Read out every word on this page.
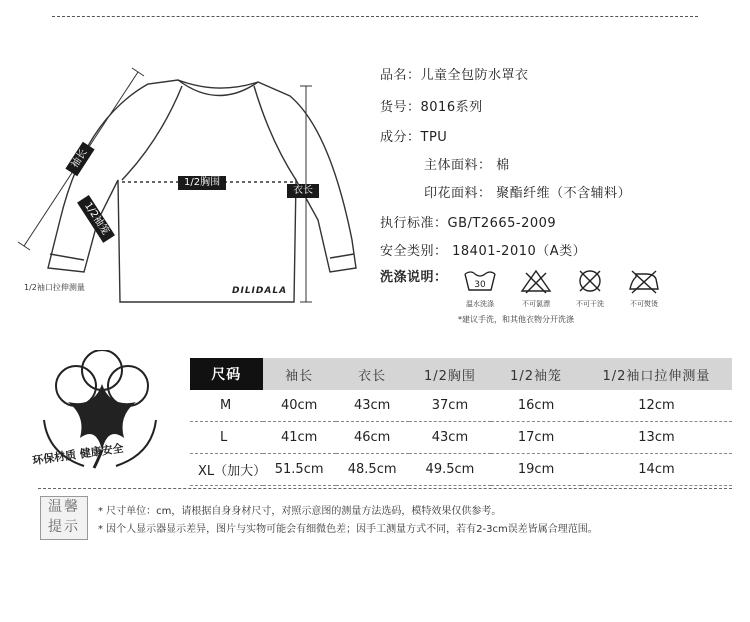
袖长
1/2袖笼
1/2胸围
衣长
DILIDALA
1/2袖口拉伸测量
品名：儿童全包防水罩衣
货号：8016系列
成分：TPU
主体面料： 棉
印花面料： 聚酯纤维（不含辅料）
执行标准：GB/T2665-2009
安全类别： 18401-2010（A类）
洗涤说明：	30
温水洗涤	不可氯漂	不可干洗	不可熨烫
*建议手洗，和其他衣物分开洗涤
环保材质 健康安全
尺码	袖长	衣长	1/2胸围	1/2袖笼	1/2袖口拉伸测量
M	40cm	43cm	37cm	16cm	12cm
L	41cm	46cm	43cm	17cm	13cm
XL（加大）	51.5cm	48.5cm	49.5cm	19cm	14cm
温馨
提示
* 尺寸单位：cm，请根据自身身材尺寸，对照示意图的测量方法选码，模特效果仅供参考。
* 因个人显示器显示差异，图片与实物可能会有细微色差；因手工测量方式不同，若有2-3cm误差皆属合理范围。
